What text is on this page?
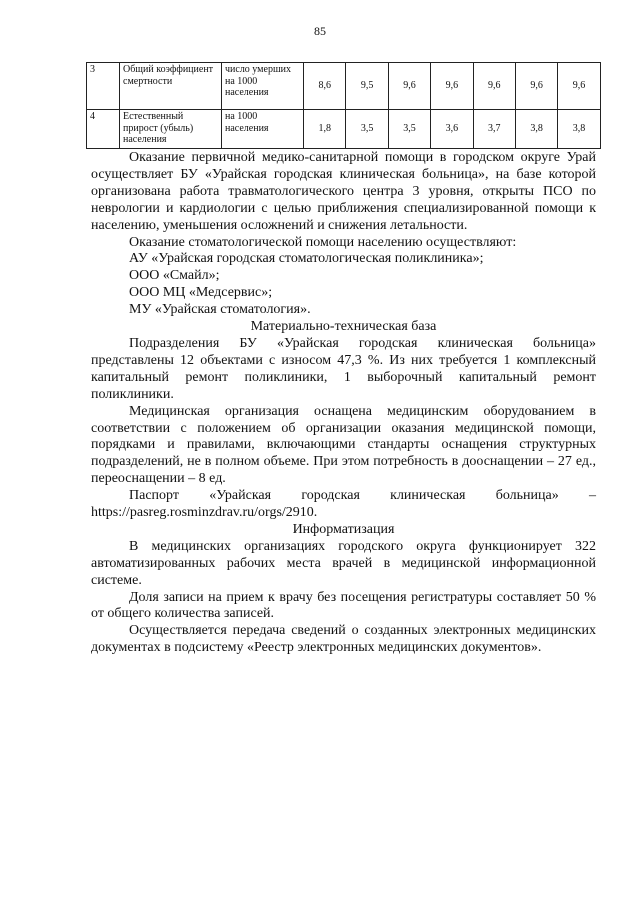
85
3	Общий коэффициент смертности	число умерших на 1000 населения	8,6	9,5	9,6	9,6	9,6	9,6	9,6
4	Естественный прирост (убыль) населения	на 1000 населения	1,8	3,5	3,5	3,6	3,7	3,8	3,8

Оказание первичной медико-санитарной помощи в городском округе Урай осуществляет БУ «Урайская городская клиническая больница», на базе которой организована работа травматологического центра 3 уровня, открыты ПСО по неврологии и кардиологии с целью приближения специализированной помощи к населению, уменьшения осложнений и снижения летальности.

Оказание стоматологической помощи населению осуществляют:

АУ «Урайская городская стоматологическая поликлиника»;

ООО «Смайл»;

ООО МЦ «Медсервис»;

МУ «Урайская стоматология».

Материально-техническая база

Подразделения БУ «Урайская городская клиническая больница» представлены 12 объектами с износом 47,3 %. Из них требуется 1 комплексный капитальный ремонт поликлиники, 1 выборочный капитальный ремонт поликлиники.

Медицинская организация оснащена медицинским оборудованием в соответствии с положением об организации оказания медицинской помощи, порядками и правилами, включающими стандарты оснащения структурных подразделений, не в полном объеме. При этом потребность в дооснащении – 27 ед., переоснащении – 8 ед.

Паспорт «Урайская городская клиническая больница» – https://pasreg.rosminzdrav.ru/orgs/2910.

Информатизация

В медицинских организациях городского округа функционирует 322 автоматизированных рабочих места врачей в медицинской информационной системе.

Доля записи на прием к врачу без посещения регистратуры составляет 50 % от общего количества записей.

Осуществляется передача сведений о созданных электронных медицинских документах в подсистему «Реестр электронных медицинских документов».
